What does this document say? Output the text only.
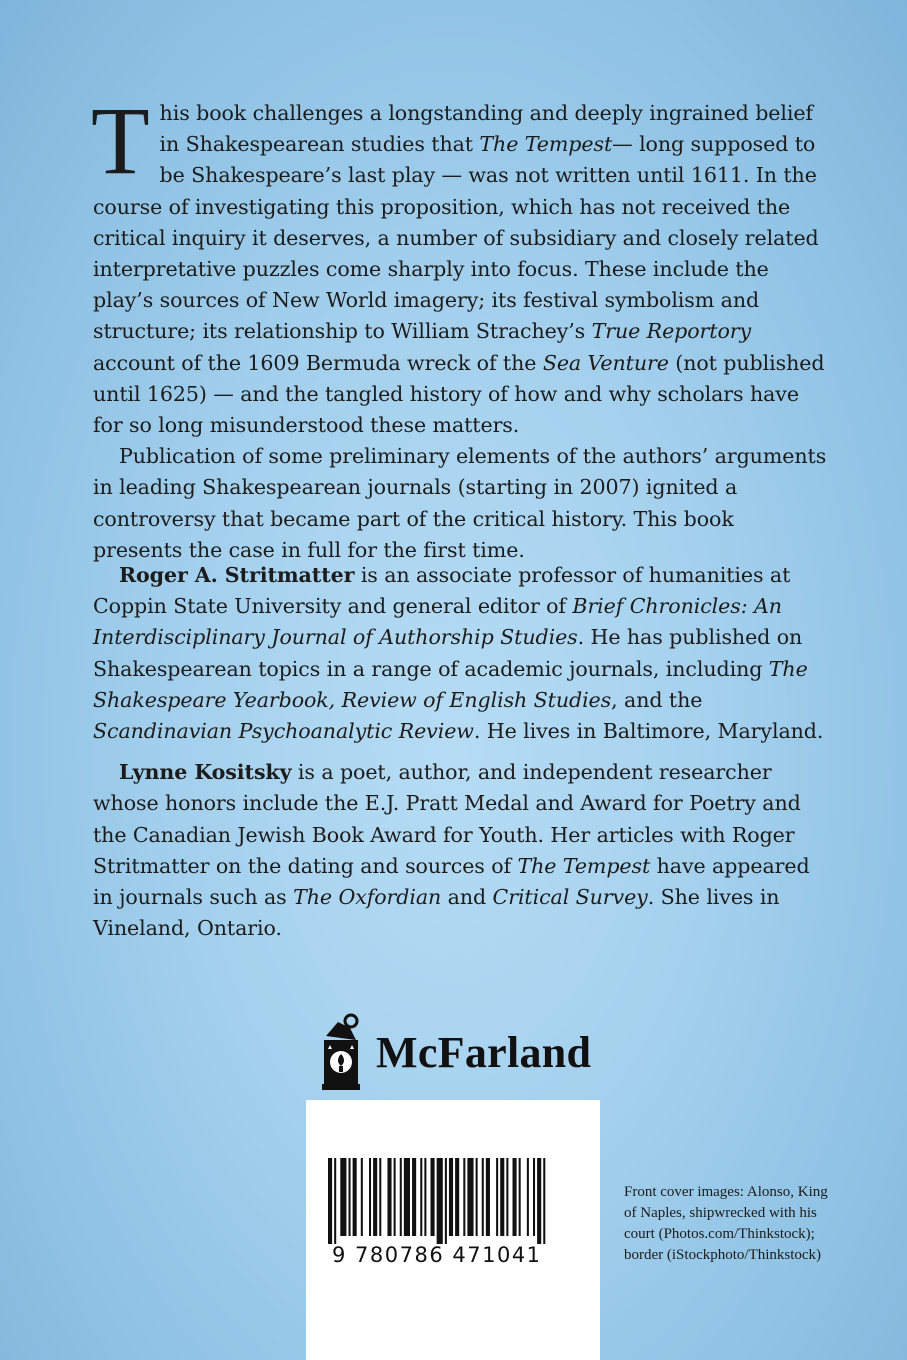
This book challenges a longstanding and deeply ingrained belief in Shakespearean studies that The Tempest— long supposed to be Shakespeare’s last play — was not written until 1611. In the course of investigating this proposition, which has not received the critical inquiry it deserves, a number of subsidiary and closely related interpretative puzzles come sharply into focus. These include the play’s sources of New World imagery; its festival symbolism and structure; its relationship to William Strachey’s True Reportory account of the 1609 Bermuda wreck of the Sea Venture (not published until 1625) — and the tangled history of how and why scholars have for so long misunderstood these matters.

Publication of some preliminary elements of the authors’ arguments in leading Shakespearean journals (starting in 2007) ignited a controversy that became part of the critical history. This book presents the case in full for the first time.

Roger A. Stritmatter is an associate professor of humanities at Coppin State University and general editor of Brief Chronicles: An Interdisciplinary Journal of Authorship Studies. He has published on Shakespearean topics in a range of academic journals, including The Shakespeare Yearbook, Review of English Studies, and the Scandinavian Psychoanalytic Review. He lives in Baltimore, Maryland.

Lynne Kositsky is a poet, author, and independent researcher whose honors include the E.J. Pratt Medal and Award for Poetry and the Canadian Jewish Book Award for Youth. Her articles with Roger Stritmatter on the dating and sources of The Tempest have appeared in journals such as The Oxfordian and Critical Survey. She lives in Vineland, Ontario.

McFarland
9 780786 471041
Front cover images: Alonso, King
of Naples, shipwrecked with his
court (Photos.com/Thinkstock);
border (iStockphoto/Thinkstock)
